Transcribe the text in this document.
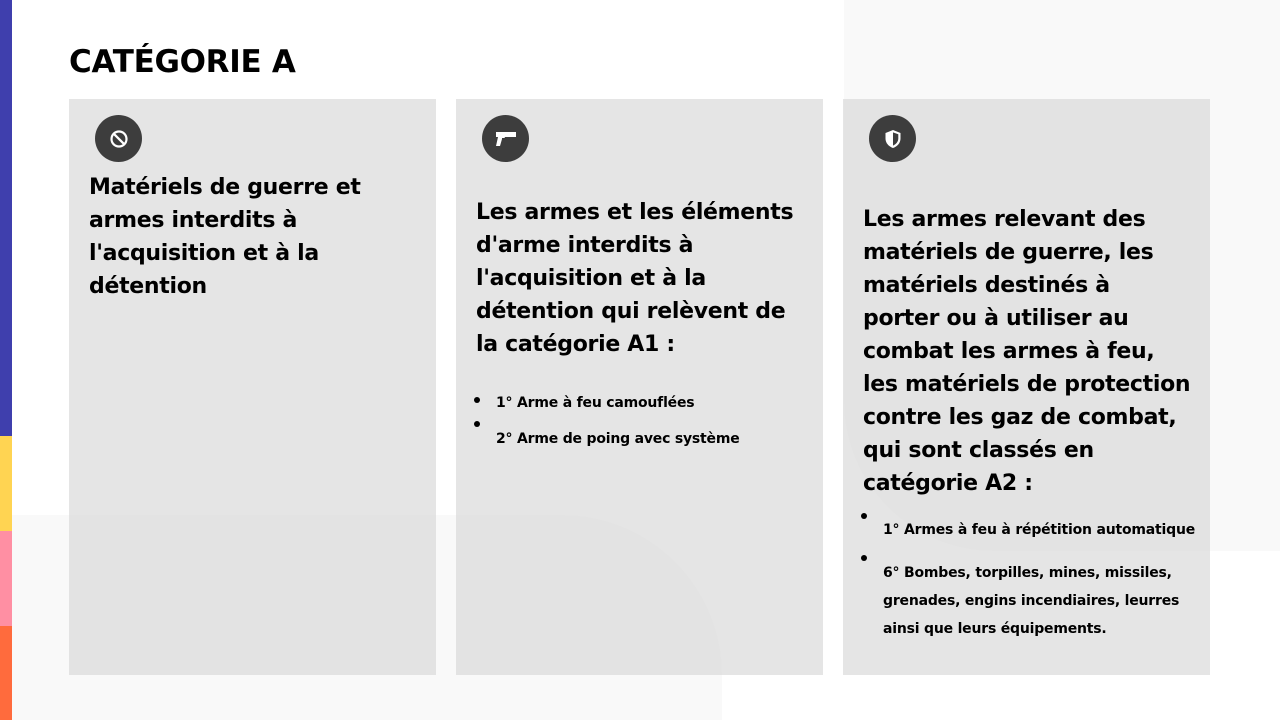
CATÉGORIE A
Matériels de guerre et armes interdits à l'acquisition et à la détention
Les armes et les éléments d'arme interdits à l'acquisition et à la détention qui relèvent de la catégorie A1 :
1° Arme à feu camouflées
2° Arme de poing avec système
Les armes relevant des matériels de guerre, les matériels destinés à porter ou à utiliser au combat les armes à feu, les matériels de protection contre les gaz de combat, qui sont classés en catégorie A2 :
1° Armes à feu à répétition automatique
6° Bombes, torpilles, mines, missiles, grenades, engins incendiaires, leurres ainsi que leurs équipements.
